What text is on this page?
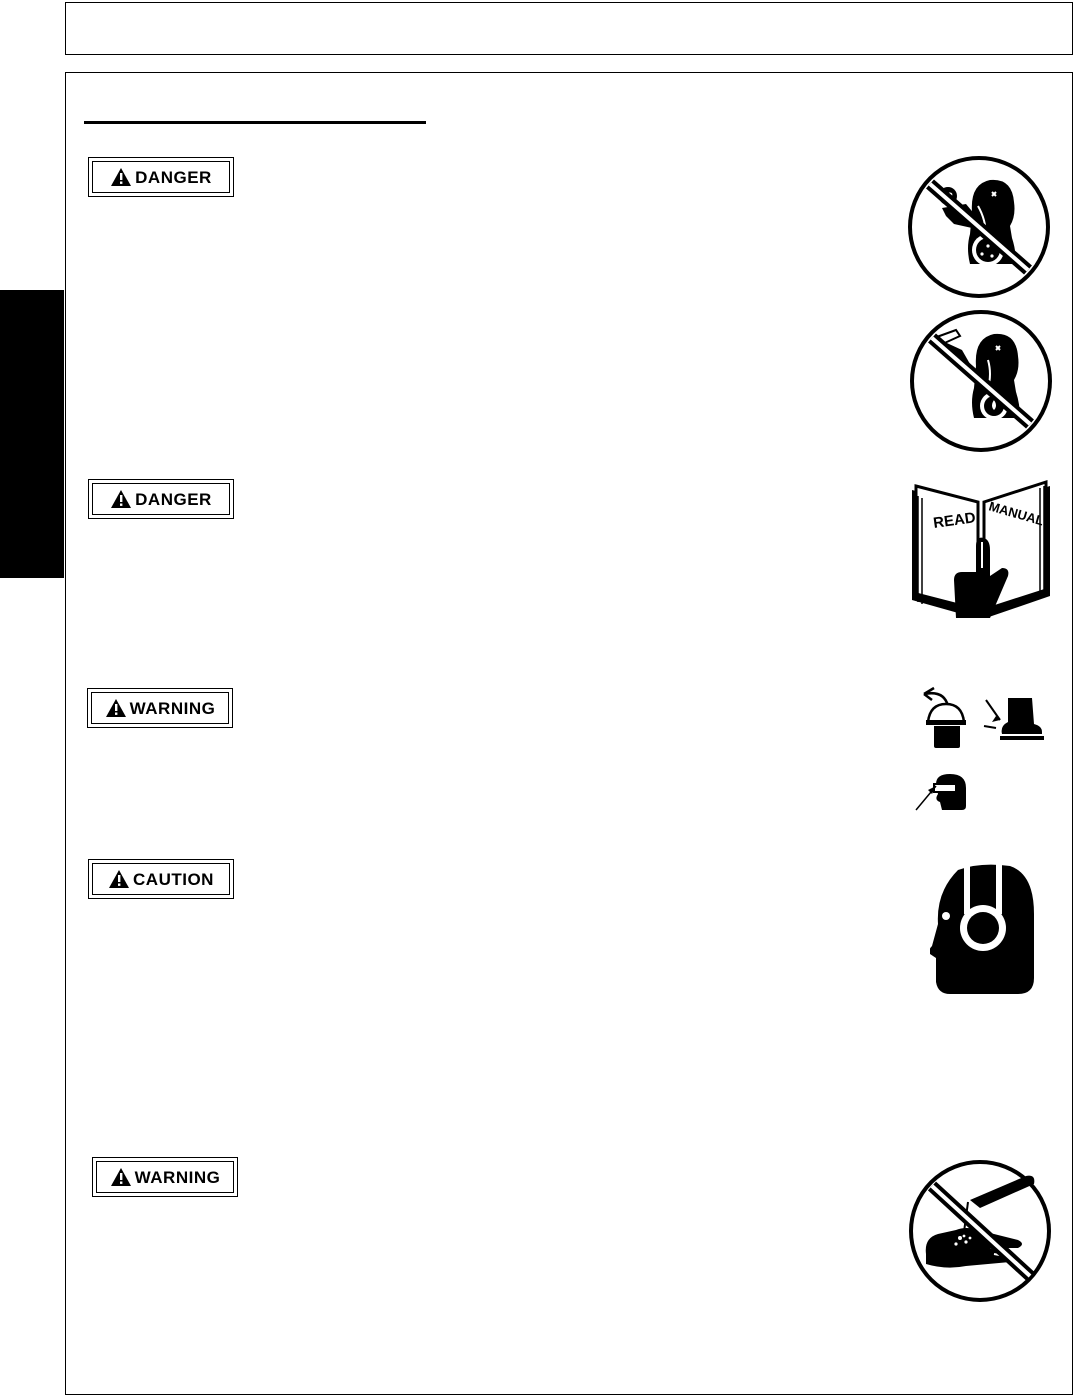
DANGER
DANGER
WARNING
CAUTION
WARNING
READ MANUAL
